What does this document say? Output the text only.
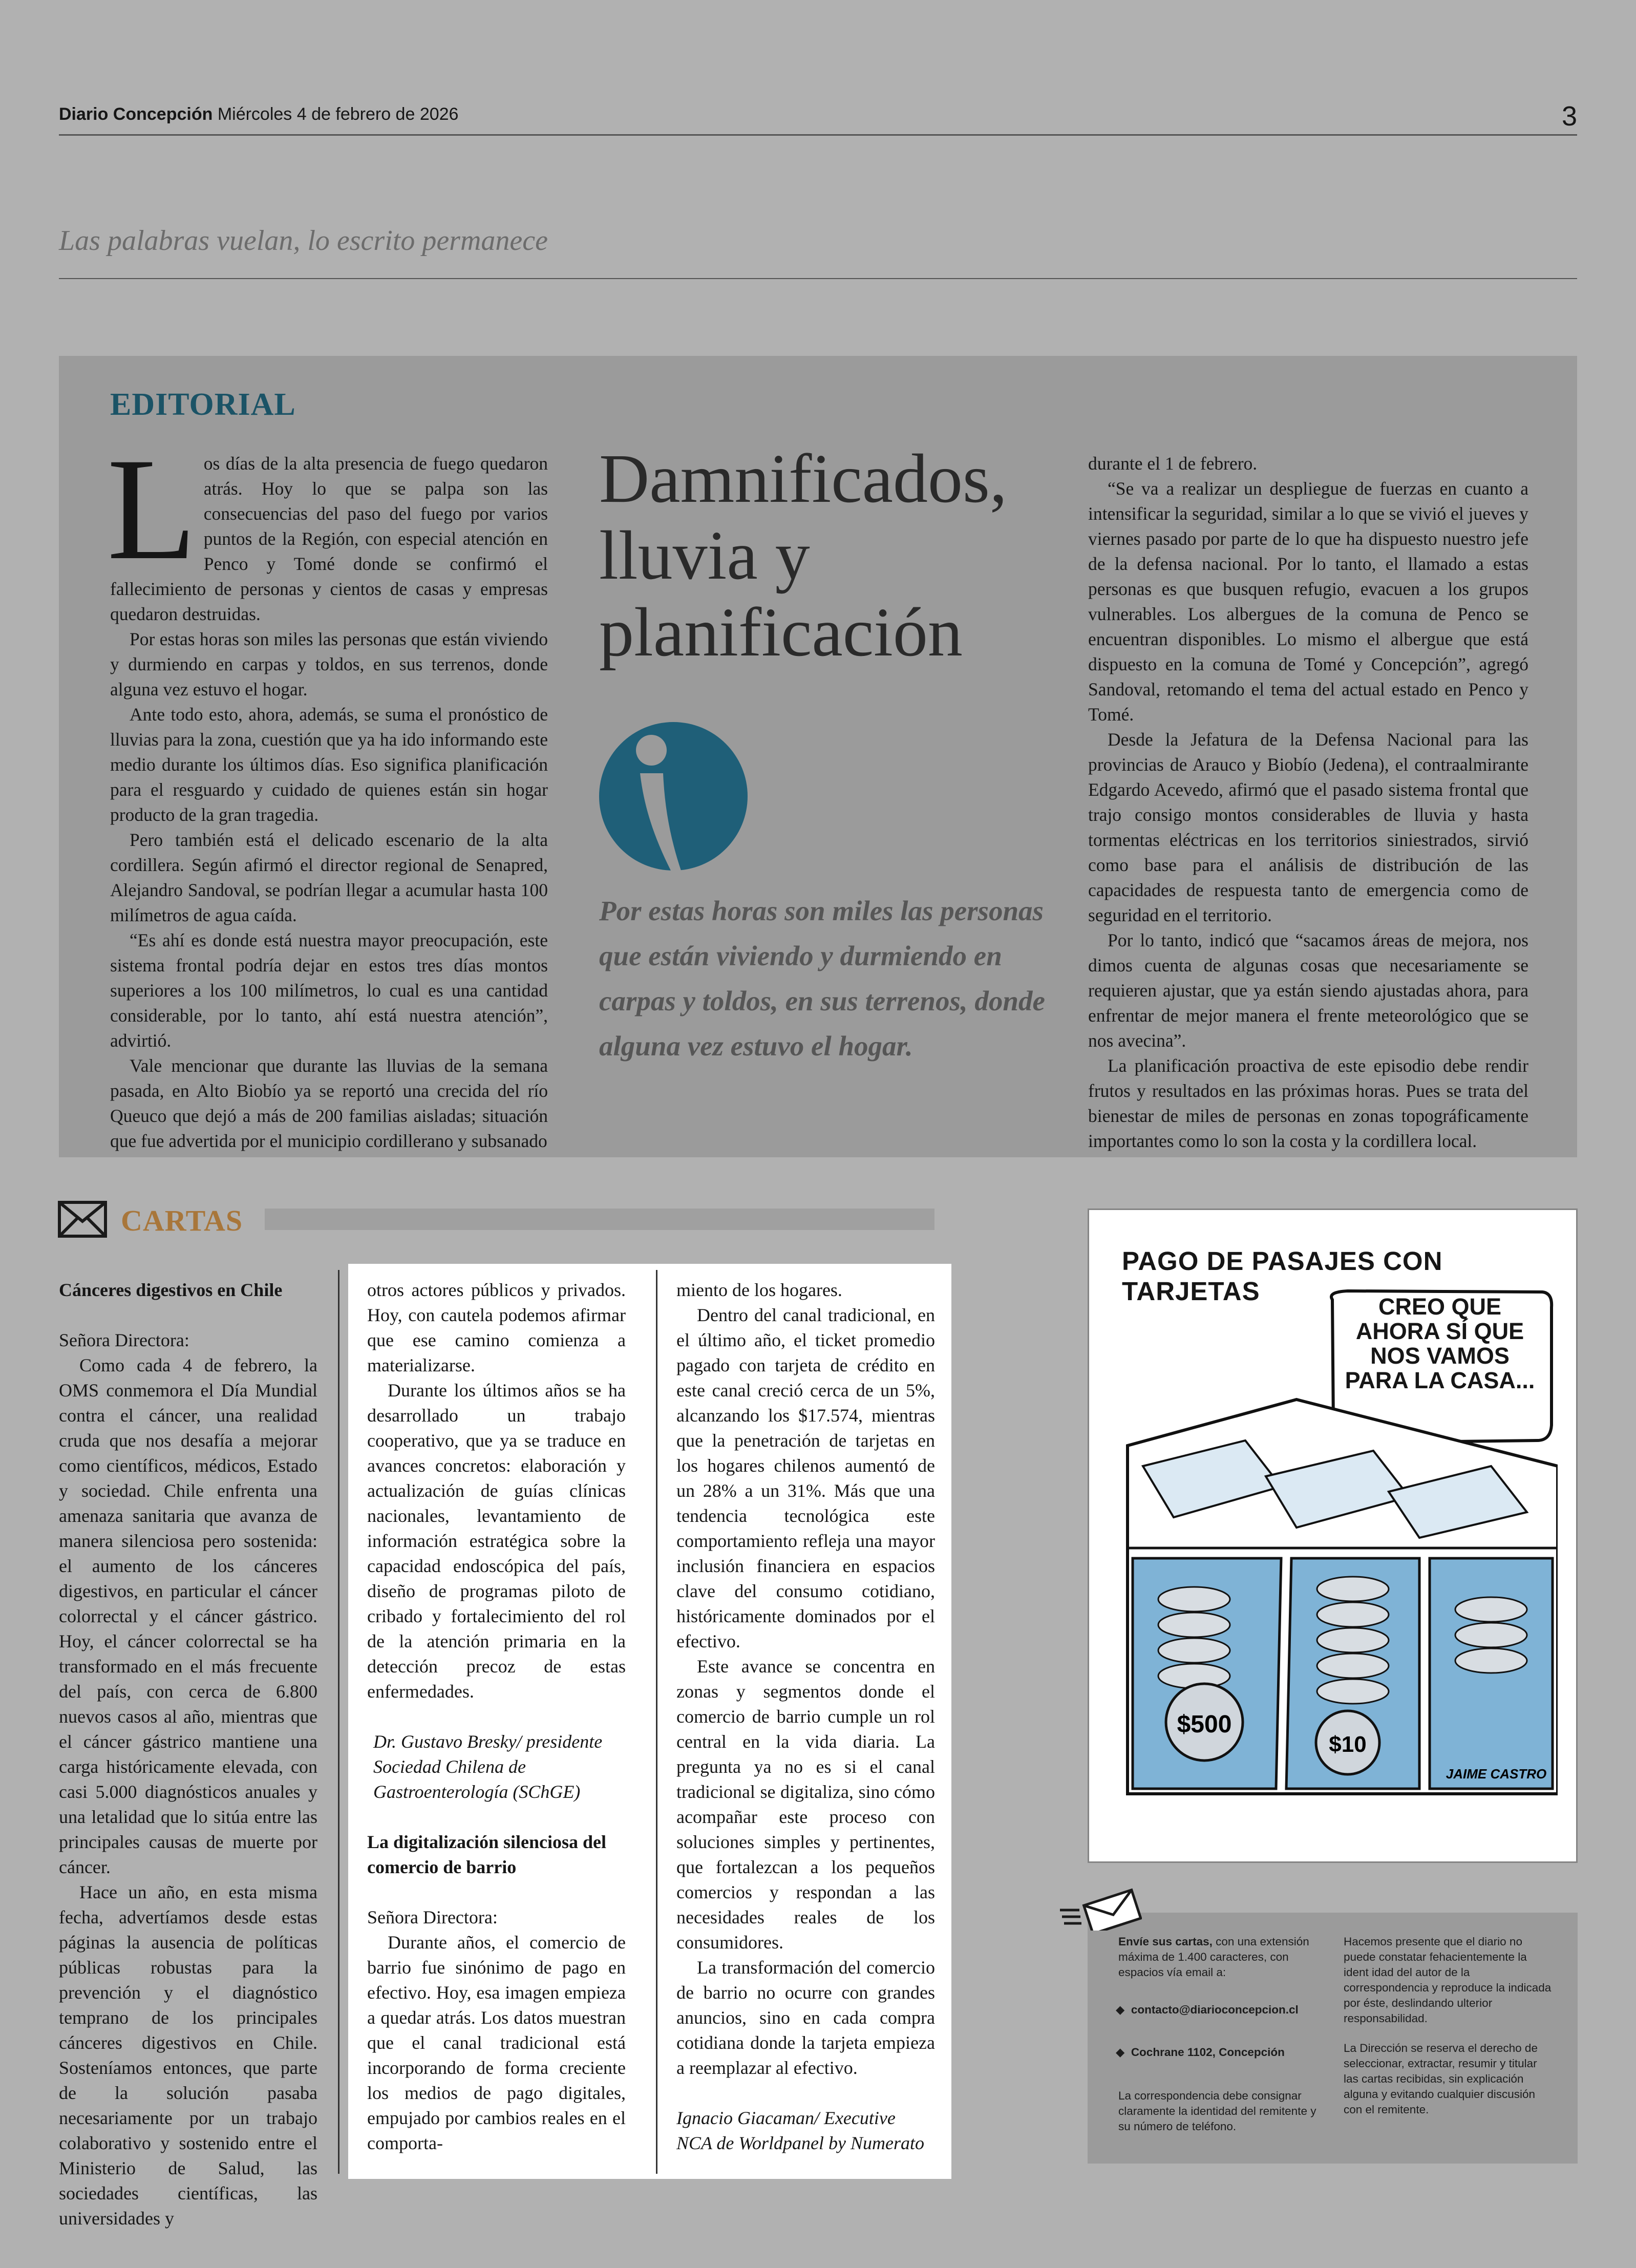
Diario Concepción Miércoles 4 de febrero de 2026	3
Las palabras vuelan, lo escrito permanece
EDITORIAL

Los días de la alta presencia de fuego quedaron atrás. Hoy lo que se palpa son las consecuencias del paso del fuego por varios puntos de la Región, con especial atención en Penco y Tomé donde se confirmó el fallecimiento de personas y cientos de casas y empresas quedaron destruidas.

Por estas horas son miles las personas que están viviendo y durmiendo en carpas y toldos, en sus terrenos, donde alguna vez estuvo el hogar.

Ante todo esto, ahora, además, se suma el pronóstico de lluvias para la zona, cuestión que ya ha ido informando este medio durante los últimos días. Eso significa planificación para el resguardo y cuidado de quienes están sin hogar producto de la gran tragedia.

Pero también está el delicado escenario de la alta cordillera. Según afirmó el director regional de Senapred, Alejandro Sandoval, se podrían llegar a acumular hasta 100 milímetros de agua caída.

“Es ahí es donde está nuestra mayor preocupación, este sistema frontal podría dejar en estos tres días montos superiores a los 100 milímetros, lo cual es una cantidad considerable, por lo tanto, ahí está nuestra atención”, advirtió.

Vale mencionar que durante las lluvias de la semana pasada, en Alto Biobío ya se reportó una crecida del río Queuco que dejó a más de 200 familias aisladas; situación que fue advertida por el municipio cordillerano y subsanado

Damnificados,
lluvia y
planificación
Por estas horas son miles las personas que están viviendo y durmiendo en carpas y toldos, en sus terrenos, donde alguna vez estuvo el hogar.

durante el 1 de febrero.

“Se va a realizar un despliegue de fuerzas en cuanto a intensificar la seguridad, similar a lo que se vivió el jueves y viernes pasado por parte de lo que ha dispuesto nuestro jefe de la defensa nacional. Por lo tanto, el llamado a estas personas es que busquen refugio, evacuen a los grupos vulnerables. Los albergues de la comuna de Penco se encuentran disponibles. Lo mismo el albergue que está dispuesto en la comuna de Tomé y Concepción”, agregó Sandoval, retomando el tema del actual estado en Penco y Tomé.

Desde la Jefatura de la Defensa Nacional para las provincias de Arauco y Biobío (Jedena), el contraalmirante Edgardo Acevedo, afirmó que el pasado sistema frontal que trajo consigo montos considerables de lluvia y hasta tormentas eléctricas en los territorios siniestrados, sirvió como base para el análisis de distribución de las capacidades de respuesta tanto de emergencia como de seguridad en el territorio.

Por lo tanto, indicó que “sacamos áreas de mejora, nos dimos cuenta de algunas cosas que necesariamente se requieren ajustar, que ya están siendo ajustadas ahora, para enfrentar de mejor manera el frente meteorológico que se nos avecina”.

La planificación proactiva de este episodio debe rendir frutos y resultados en las próximas horas. Pues se trata del bienestar de miles de personas en zonas topográficamente importantes como lo son la costa y la cordillera local.

CARTAS

Cánceres digestivos en Chile

Señora Directora:

Como cada 4 de febrero, la OMS conmemora el Día Mundial contra el cáncer, una realidad cruda que nos desafía a mejorar como científicos, médicos, Estado y sociedad. Chile enfrenta una amenaza sanitaria que avanza de manera silenciosa pero sostenida: el aumento de los cánceres digestivos, en particular el cáncer colorrectal y el cáncer gástrico. Hoy, el cáncer colorrectal se ha transformado en el más frecuente del país, con cerca de 6.800 nuevos casos al año, mientras que el cáncer gástrico mantiene una carga históricamente elevada, con casi 5.000 diagnósticos anuales y una letalidad que lo sitúa entre las principales causas de muerte por cáncer.

Hace un año, en esta misma fecha, advertíamos desde estas páginas la ausencia de políticas públicas robustas para la prevención y el diagnóstico temprano de los principales cánceres digestivos en Chile. Sosteníamos entonces, que parte de la solución pasaba necesariamente por un trabajo colaborativo y sostenido entre el Ministerio de Salud, las sociedades científicas, las universidades y

otros actores públicos y privados. Hoy, con cautela podemos afirmar que ese camino comienza a materializarse.

Durante los últimos años se ha desarrollado un trabajo cooperativo, que ya se traduce en avances concretos: elaboración y actualización de guías clínicas nacionales, levantamiento de información estratégica sobre la capacidad endoscópica del país, diseño de programas piloto de cribado y fortalecimiento del rol de la atención primaria en la detección precoz de estas enfermedades.

Dr. Gustavo Bresky/ presidente Sociedad Chilena de Gastroenterología (SChGE)

La digitalización silenciosa del comercio de barrio

Señora Directora:

Durante años, el comercio de barrio fue sinónimo de pago en efectivo. Hoy, esa imagen empieza a quedar atrás. Los datos muestran que el canal tradicional está incorporando de forma creciente los medios de pago digitales, empujado por cambios reales en el comporta-

miento de los hogares.

Dentro del canal tradicional, en el último año, el ticket promedio pagado con tarjeta de crédito en este canal creció cerca de un 5%, alcanzando los $17.574, mientras que la penetración de tarjetas en los hogares chilenos aumentó de un 28% a un 31%. Más que una tendencia tecnológica este comportamiento refleja una mayor inclusión financiera en espacios clave del consumo cotidiano, históricamente dominados por el efectivo.

Este avance se concentra en zonas y segmentos donde el comercio de barrio cumple un rol central en la vida diaria. La pregunta ya no es si el canal tradicional se digitaliza, sino cómo acompañar este proceso con soluciones simples y pertinentes, que fortalezcan a los pequeños comercios y respondan a las necesidades reales de los consumidores.

La transformación del comercio de barrio no ocurre con grandes anuncios, sino en cada compra cotidiana donde la tarjeta empieza a reemplazar al efectivo.

Ignacio Giacaman/ Executive NCA de Worldpanel by Numerato

$500
$10
JAIME CASTRO
PAGO DE PASAJES CON TARJETAS
CREO QUE AHORA SÍ QUE NOS VAMOS PARA LA CASA...
Envíe sus cartas, con una extensión máxima de 1.400 caracteres, con espacios vía email a:
◆  contacto@diarioconcepcion.cl
◆  Cochrane 1102, Concepción
La correspondencia debe consignar claramente la identidad del remitente y su número de teléfono.
Hacemos presente que el diario no puede constatar fehacientemente la ident idad del autor de la correspondencia y reproduce la indicada por éste, deslindando ulterior responsabilidad.
La Dirección se reserva el derecho de seleccionar, extractar, resumir y titular las cartas recibidas, sin explicación alguna y evitando cualquier discusión con el remitente.
